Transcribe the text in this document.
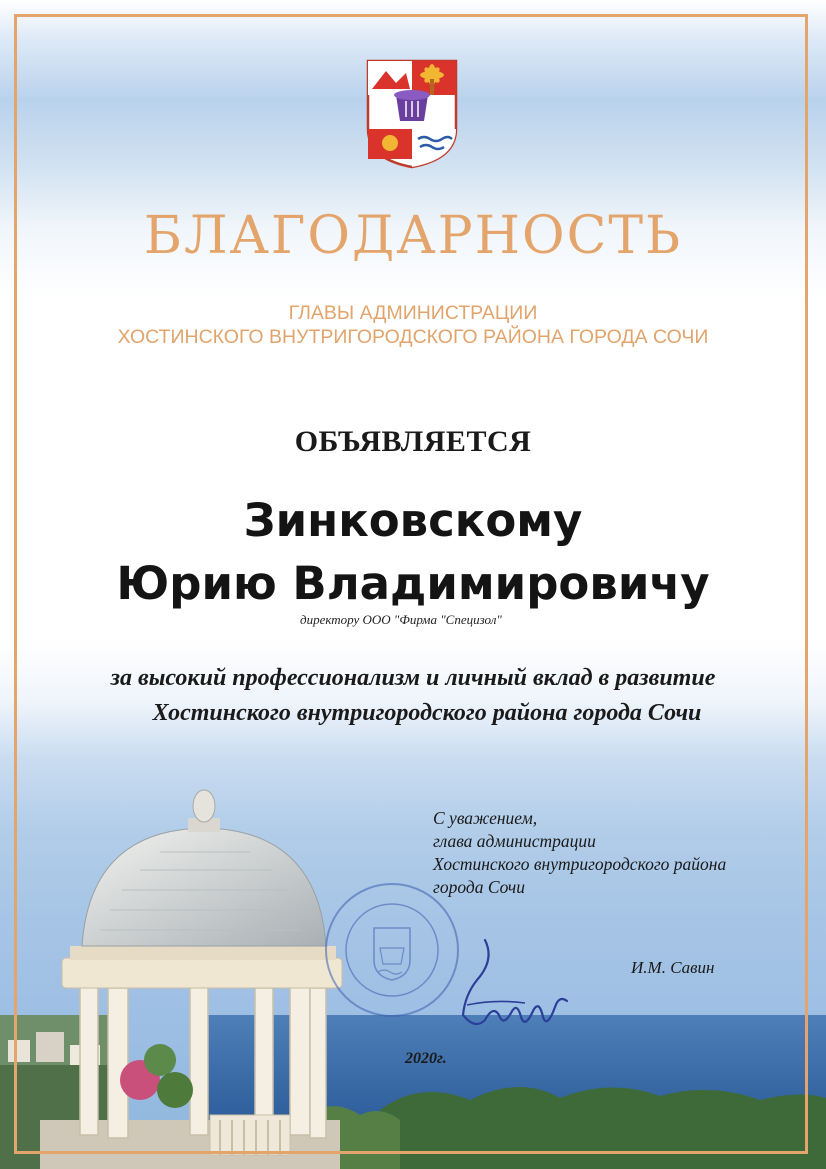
БЛАГОДАРНОСТЬ
ГЛАВЫ АДМИНИСТРАЦИИ
ХОСТИНСКОГО ВНУТРИГОРОДСКОГО РАЙОНА ГОРОДА СОЧИ
ОБЪЯВЛЯЕТСЯ
Зинковскому
Юрию Владимировичу
директору ООО "Фирма "Специзол"
за высокий профессионализм и личный вклад в развитие
Хостинского внутригородского района города Сочи
С уважением,
глава администрации
Хостинского внутригородского района
города Сочи
И.М. Савин
2020г.
